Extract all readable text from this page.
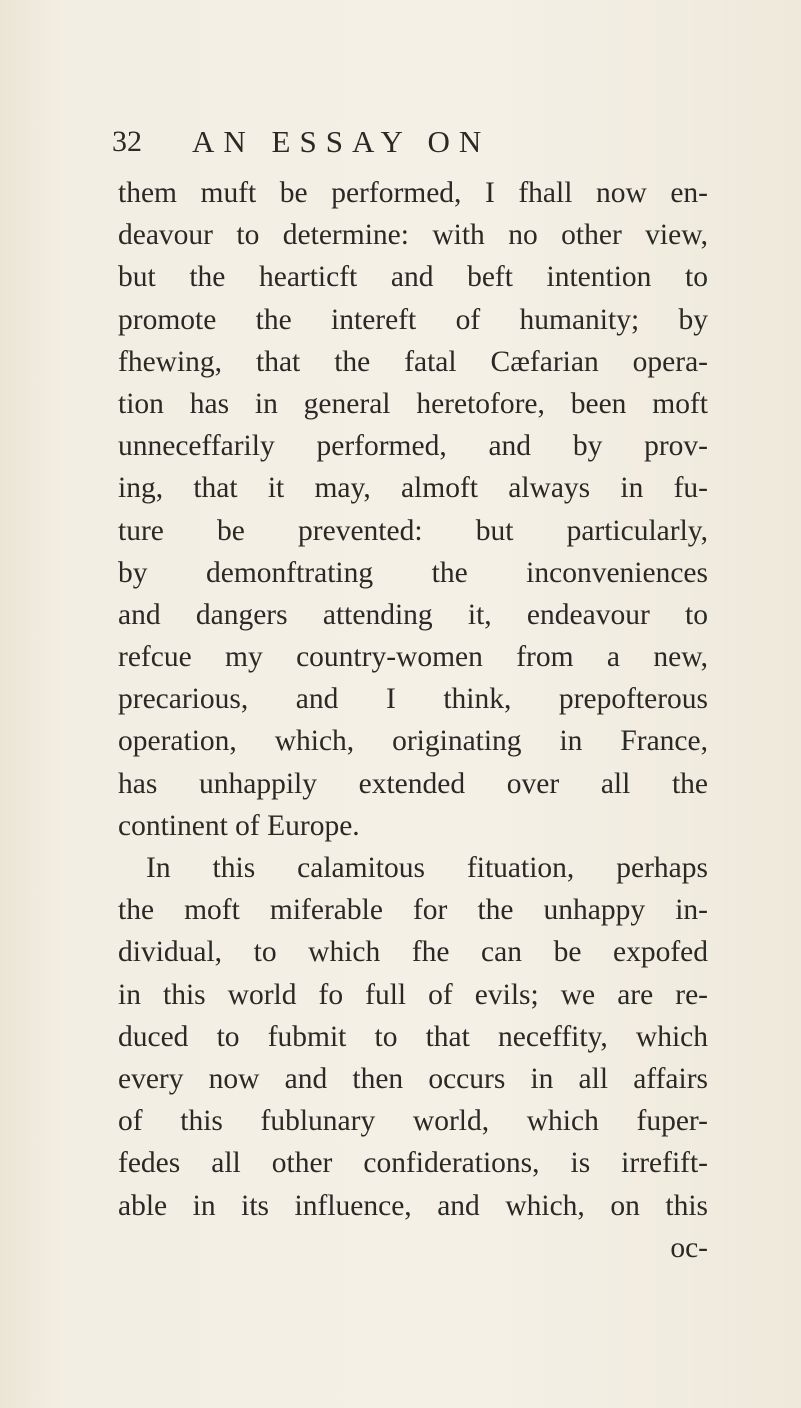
32	AN ESSAY ON
them muft be performed, I fhall now en-
deavour to determine: with no other view,
but the hearticft and beft intention to
promote the intereft of humanity; by
fhewing, that the fatal Cæfarian opera-
tion has in general heretofore, been moft
unneceffarily performed, and by prov-
ing, that it may, almoft always in fu-
ture be prevented: but particularly,
by demonftrating the inconveniences
and dangers attending it, endeavour to
refcue my country-women from a new,
precarious, and I think, prepofterous
operation, which, originating in France,
has unhappily extended over all the
continent of Europe.
In this calamitous fituation, perhaps
the moft miferable for the unhappy in-
dividual, to which fhe can be expofed
in this world fo full of evils; we are re-
duced to fubmit to that neceffity, which
every now and then occurs in all affairs
of this fublunary world, which fuper-
fedes all other confiderations, is irrefift-
able in its influence, and which, on this
oc-
